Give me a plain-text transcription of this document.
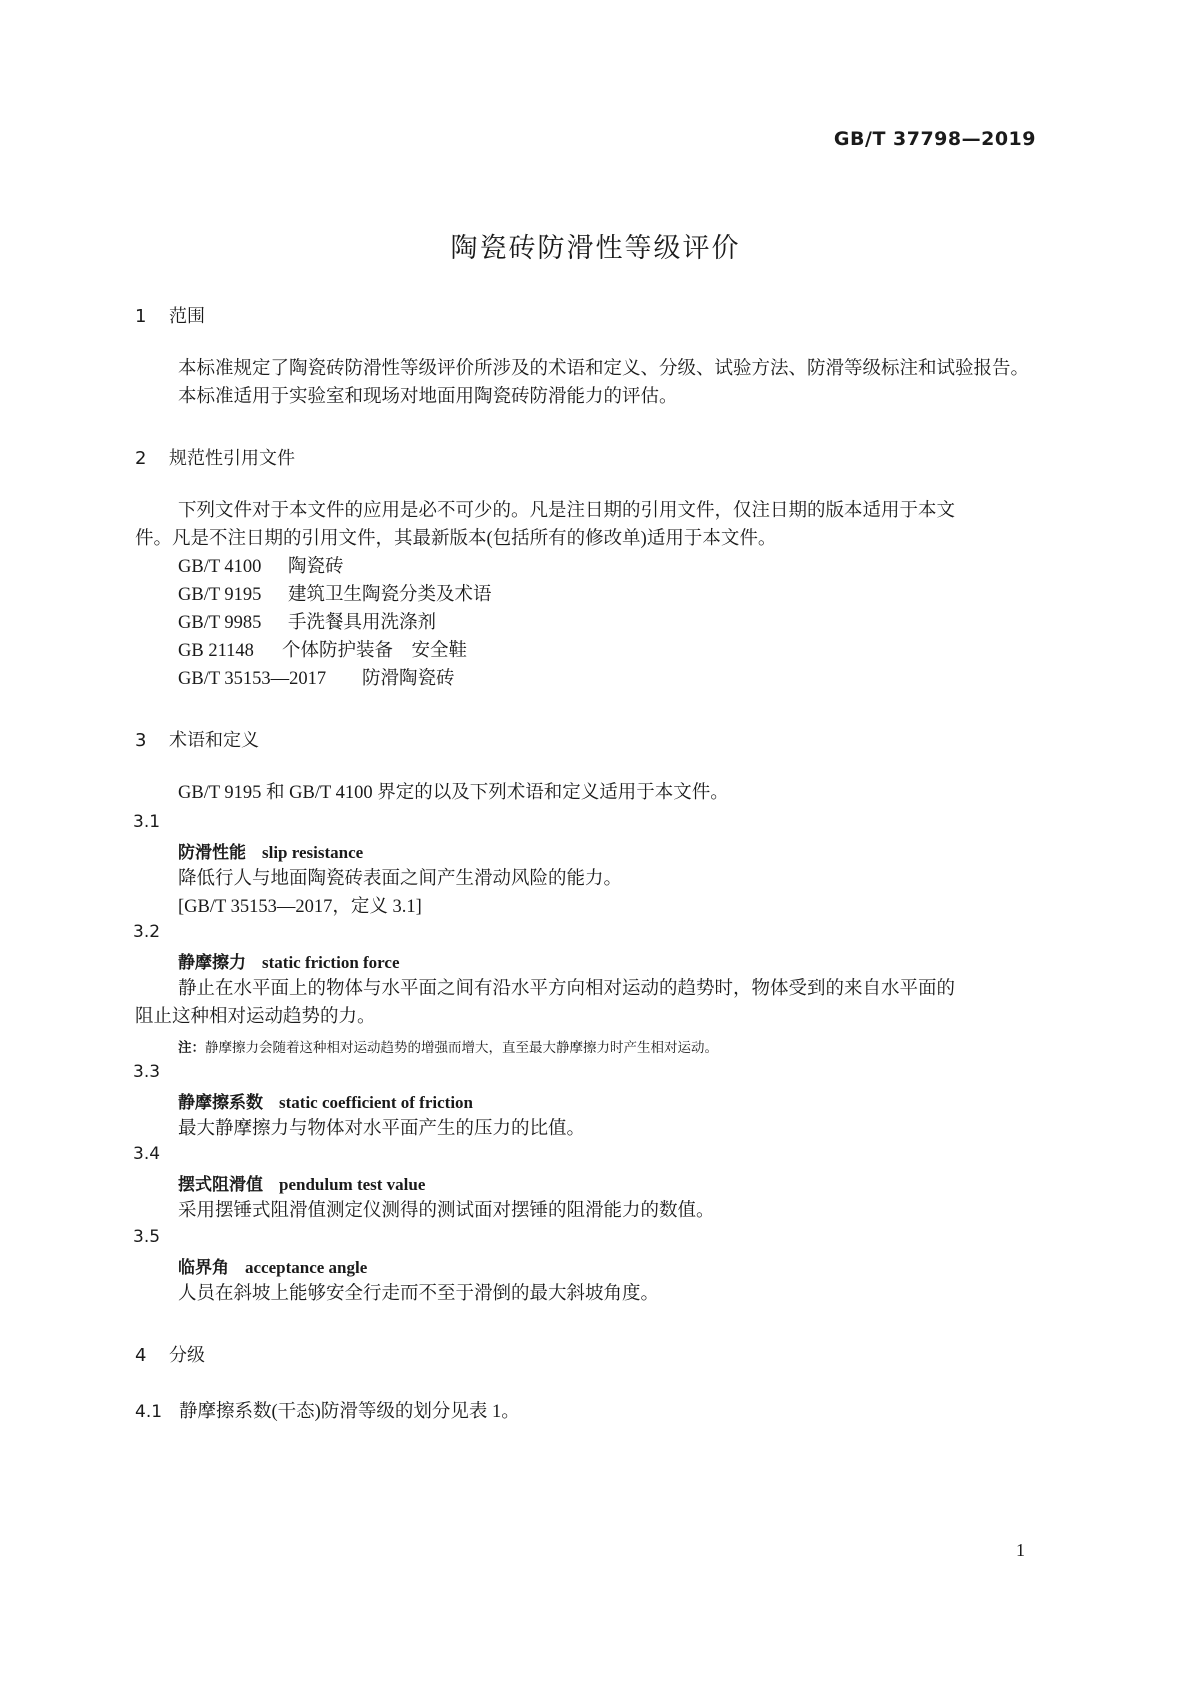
GB/T 37798—2019
陶瓷砖防滑性等级评价
1 范围
本标准规定了陶瓷砖防滑性等级评价所涉及的术语和定义、分级、试验方法、防滑等级标注和试验报告。
本标准适用于实验室和现场对地面用陶瓷砖防滑能力的评估。
2 规范性引用文件
下列文件对于本文件的应用是必不可少的。凡是注日期的引用文件，仅注日期的版本适用于本文
件。凡是不注日期的引用文件，其最新版本(包括所有的修改单)适用于本文件。
GB/T 4100 陶瓷砖
GB/T 9195 建筑卫生陶瓷分类及术语
GB/T 9985 手洗餐具用洗涤剂
GB 21148 个体防护装备　安全鞋
GB/T 35153—2017 防滑陶瓷砖
3 术语和定义
GB/T 9195 和 GB/T 4100 界定的以及下列术语和定义适用于本文件。
3.1
防滑性能 slip resistance
降低行人与地面陶瓷砖表面之间产生滑动风险的能力。
[GB/T 35153—2017，定义 3.1]
3.2
静摩擦力 static friction force
静止在水平面上的物体与水平面之间有沿水平方向相对运动的趋势时，物体受到的来自水平面的
阻止这种相对运动趋势的力。
注：静摩擦力会随着这种相对运动趋势的增强而增大，直至最大静摩擦力时产生相对运动。
3.3
静摩擦系数 static coefficient of friction
最大静摩擦力与物体对水平面产生的压力的比值。
3.4
摆式阻滑值 pendulum test value
采用摆锤式阻滑值测定仪测得的测试面对摆锤的阻滑能力的数值。
3.5
临界角 acceptance angle
人员在斜坡上能够安全行走而不至于滑倒的最大斜坡角度。
4 分级
4.1 静摩擦系数(干态)防滑等级的划分见表 1。
1
